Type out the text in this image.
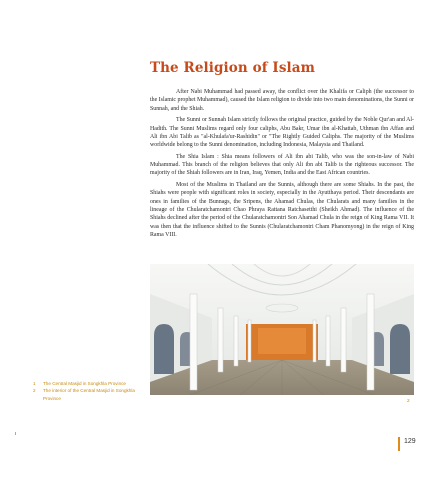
The Religion of Islam

After Nabi Muhammad had passed away, the conflict over the Khalifa or Caliph (the successor to the Islamic prophet Muhammad), caused the Islam religion to divide into two main denominations, the Sunni or Sunnah, and the Shiah.

The Sunni or Sunnah Islam strictly follows the original practice, guided by the Noble Qur'an and Al-Hadith. The Sunni Muslims regard only four caliphs, Abu Bakr, Umar ibn al-Khattab, Uthman ibn Affan and Ali ibn Abi Talib as "al-Khulafa'ur-Rashidin" or "The Rightly Guided Caliphs. The majority of the Muslims worldwide belong to the Sunni denomination, including Indonesia, Malaysia and Thailand.

The Shia Islam : Shia means followers of Ali ibn abi Talib, who was the son-in-law of Nabi Muhammad. This branch of the religion believes that only Ali ibn abi Talib is the righteous successor. The majority of the Shiah followers are in Iran, Iraq, Yemen, India and the East African countries.

Most of the Muslims in Thailand are the Sunnis, although there are some Shiahs. In the past, the Shiahs were people with significant roles in society, especially in the Ayutthaya period. Their descendants are ones in families of the Bunnags, the Sripens, the Ahamad Chulas, the Chularats and many families in the lineage of the Chularatchamontri Chao Phraya Rattana Ratchasetthi (Sheikh Ahmad). The influence of the Shiahs declined after the period of the Chularatchamontri Son Ahamad Chula in the reign of King Rama VII. It was then that the influence shifted to the Sunnis (Chularatchamontri Cham Phanomyong) in the reign of King Rama VIII.

1	The Central Masjid in Songkhla Province
2	The interior of the Central Masjid in Songkhla Province
2
129
